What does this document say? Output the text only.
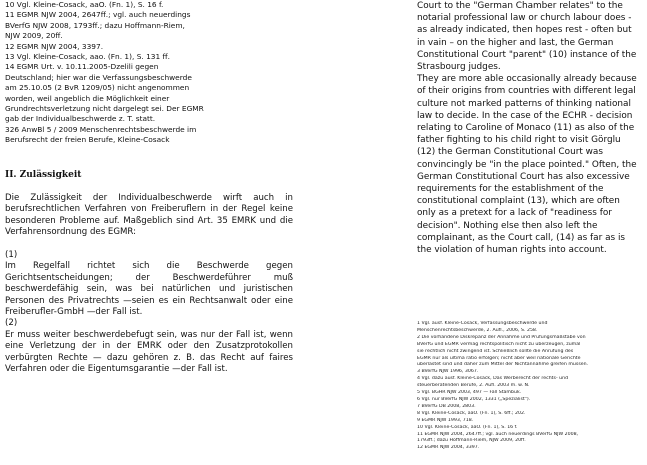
10 Vgl. Kleine-Cosack, aaO. (Fn. 1), S. 16 f.
11 EGMR NJW 2004, 2647ff.; vgl. auch neuerdings
BVerfG NJW 2008, 1793ff.; dazu Hoffmann-Riem,
NJW 2009, 20ff.
12 EGMR NJW 2004, 3397.
13 Vgl. Kleine-Cosack, aao. (Fn. 1), S. 131 ff.
14 EGMR Urt. v. 10.11.2005-Dzelili gegen
Deutschland; hier war die Verfassungsbeschwerde
am 25.10.05 (2 BvR 1209/05) nicht angenommen
worden, weil angeblich die Möglichkeit einer
Grundrechtsverletzung nicht dargelegt sei. Der EGMR
gab der Individualbeschwerde z. T. statt.
326 AnwBl 5 / 2009 Menschenrechtsbeschwerde im
Berufsrecht der freien Berufe, Kleine-Cosack
II. Zulässigkeit

Die Zulässigkeit der Individualbeschwerde wirft auch in berufsrechtlichen Verfahren von Freiberuflern in der Regel keine besonderen Probleme auf. Maßgeblich sind Art. 35 EMRK und die Verfahrensordnung des EGMR:

(1)

Im Regelfall richtet sich die Beschwerde gegen Gerichtsentscheidungen; der Beschwerdeführer muß beschwerdefähig sein, was bei natürlichen und juristischen Personen des Privatrechts —seien es ein Rechtsanwalt oder eine Freiberufler-GmbH —der Fall ist.

(2)

Er muss weiter beschwerdebefugt sein, was nur der Fall ist, wenn eine Verletzung der in der EMRK oder den Zusatzprotokollen verbürgten Rechte — dazu gehören z. B. das Recht auf faires Verfahren oder die Eigentumsgarantie —der Fall ist.

Court to the "German Chamber relates" to the notarial professional law or church labour does - as already indicated, then hopes rest - often but in vain – on the higher and last, the German Constitutional Court "parent" (10) instance of the Strasbourg judges.

They are more able occasionally already because of their origins from countries with different legal culture not marked patterns of thinking national law to decide. In the case of the ECHR - decision relating to Caroline of Monaco (11) as also of the father fighting to his child right to visit Görglu (12) the German Constitutional Court was convincingly be "in the place pointed." Often, the German Constitutional Court has also excessive requirements for the establishment of the constitutional complaint (13), which are often only as a pretext for a lack of "readiness for decision". Nothing else then also left the complainant, as the Court call, (14) as far as is the violation of human rights into account.

1 Vgl. ausf. Kleine-Cosack, Verfassungsbeschwerde und
Menschenrechtsbeschwerde, 2. Aufl., 2006, S. 258.
2 Die vorhandene Diskrepanz der Annahme und Prüfungsmaßstäbe von
BVerfG und EGMR vermag rechtspolitisch nicht zu überzeugen, zumal
sie rechtlich nicht zwingend ist. Schließlich sollte die Anrufung des
EGMR nur als ultima ratio erfolgen; nicht aber weil nationale Gerichte
überlastet sind und daher zum Mittel der Nichtannahme greifen müssen.
3 BVerfG NJW 1996, 3067.
4 Vgl. dazu ausf. Kleine-Cosack, Das Werberecht der rechts- und
steuerberatenden Berufe, 2. Aufl. 2003 m. w. N.
5 Vgl. BGHR NJW 2003, 497 — Fall Stambuk.
6 Vgl. nur BVerfG NJW 2002, 1331 („Spezialist").
7 BVerfG DB 2008, 2803.
8 Vgl. Kleine-Cosack, aaO. (Fn. 1), S. 6ff.; 202.
9 EGMR NJW 1993, 718.
10 Vgl. Kleine-Cosack, aaO. (Fn. 1), S. 16 f.
11 EGMR NJW 2004, 2647ff.; vgl. auch neuerdings BVerfG NJW 2008,
1793ff.; dazu Hoffmann-Riem, NJW 2009, 20ff.
12 EGMR NJW 2004, 3397.
